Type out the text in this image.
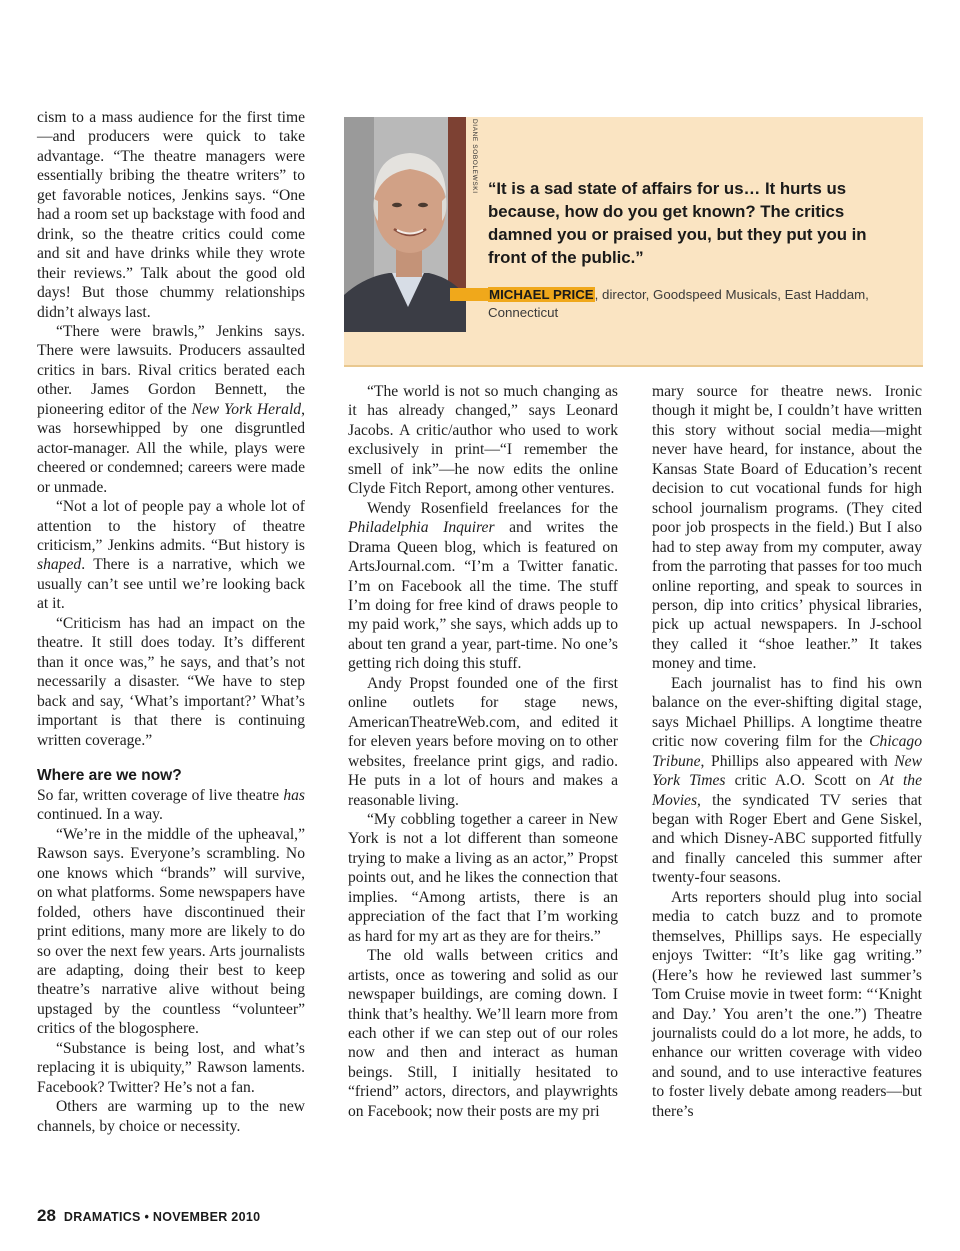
cism to a mass audience for the first time—and producers were quick to take advantage. “The theatre managers were essentially bribing the theatre writers” to get favorable notices, Jenkins says. “One had a room set up backstage with food and drink, so the theatre critics could come and sit and have drinks while they wrote their reviews.” Talk about the good old days! But those chummy relationships didn’t always last.

“There were brawls,” Jenkins says. There were lawsuits. Producers assaulted critics in bars. Rival critics berated each other. James Gordon Bennett, the pioneering editor of the New York Herald, was horsewhipped by one disgruntled actor-manager. All the while, plays were cheered or condemned; careers were made or unmade.

“Not a lot of people pay a whole lot of attention to the history of theatre criticism,” Jenkins admits. “But history is shaped. There is a narrative, which we usually can’t see until we’re looking back at it.

“Criticism has had an impact on the theatre. It still does today. It’s different than it once was,” he says, and that’s not necessarily a disaster. “We have to step back and say, ‘What’s important?’ What’s important is that there is continuing written coverage.”

Where are we now?

So far, written coverage of live theatre has continued. In a way.

“We’re in the middle of the upheaval,” Rawson says. Everyone’s scrambling. No one knows which “brands” will survive, on what platforms. Some newspapers have folded, others have discontinued their print editions, many more are likely to do so over the next few years. Arts journalists are adapting, doing their best to keep theatre’s narrative alive without being upstaged by the countless “volunteer” critics of the blogosphere.

“Substance is being lost, and what’s replacing it is ubiquity,” Rawson laments. Facebook? Twitter? He’s not a fan.

Others are warming up to the new channels, by choice or necessity.

DIANE SOBOLEWSKI “It is a sad state of affairs for us… It hurts us because, how do you get known? The critics damned you or praised you, but they put you in front of the public.”

MICHAEL PRICE, director, Goodspeed Musicals, East Haddam, Connecticut

“The world is not so much changing as it has already changed,” says Leonard Jacobs. A critic/author who used to work exclusively in print—“I remember the smell of ink”—he now edits the online Clyde Fitch Report, among other ventures.

Wendy Rosenfield freelances for the Philadelphia Inquirer and writes the Drama Queen blog, which is featured on ArtsJournal.com. “I’m a Twitter fanatic. I’m on Facebook all the time. The stuff I’m doing for free kind of draws people to my paid work,” she says, which adds up to about ten grand a year, part-time. No one’s getting rich doing this stuff.

Andy Propst founded one of the first online outlets for stage news, AmericanTheatreWeb.com, and edited it for eleven years before moving on to other websites, freelance print gigs, and radio. He puts in a lot of hours and makes a reasonable living.

“My cobbling together a career in New York is not a lot different than someone trying to make a living as an actor,” Propst points out, and he likes the connection that implies. “Among artists, there is an appreciation of the fact that I’m working as hard for my art as they are for theirs.”

The old walls between critics and artists, once as towering and solid as our newspaper buildings, are coming down. I think that’s healthy. We’ll learn more from each other if we can step out of our roles now and then and interact as human beings. Still, I initially hesitated to “friend” actors, directors, and playwrights on Facebook; now their posts are my pri

mary source for theatre news. Ironic though it might be, I couldn’t have written this story without social media—might never have heard, for instance, about the Kansas State Board of Education’s recent decision to cut vocational funds for high school journalism programs. (They cited poor job prospects in the field.) But I also had to step away from my computer, away from the parroting that passes for too much online reporting, and speak to sources in person, dip into critics’ physical libraries, pick up actual newspapers. In J-school they called it “shoe leather.” It takes money and time.

Each journalist has to find his own balance on the ever-shifting digital stage, says Michael Phillips. A longtime theatre critic now covering film for the Chicago Tribune, Phillips also appeared with New York Times critic A.O. Scott on At the Movies, the syndicated TV series that began with Roger Ebert and Gene Siskel, and which Disney-ABC supported fitfully and finally canceled this summer after twenty-four seasons.

Arts reporters should plug into social media to catch buzz and to promote themselves, Phillips says. He especially enjoys Twitter: “It’s like gag writing.” (Here’s how he reviewed last summer’s Tom Cruise movie in tweet form: “‘Knight and Day.’ You aren’t the one.”) Theatre journalists could do a lot more, he adds, to enhance our written coverage with video and sound, and to use interactive features to foster lively debate among readers—but there’s

28 DRAMATICS • NOVEMBER 2010
